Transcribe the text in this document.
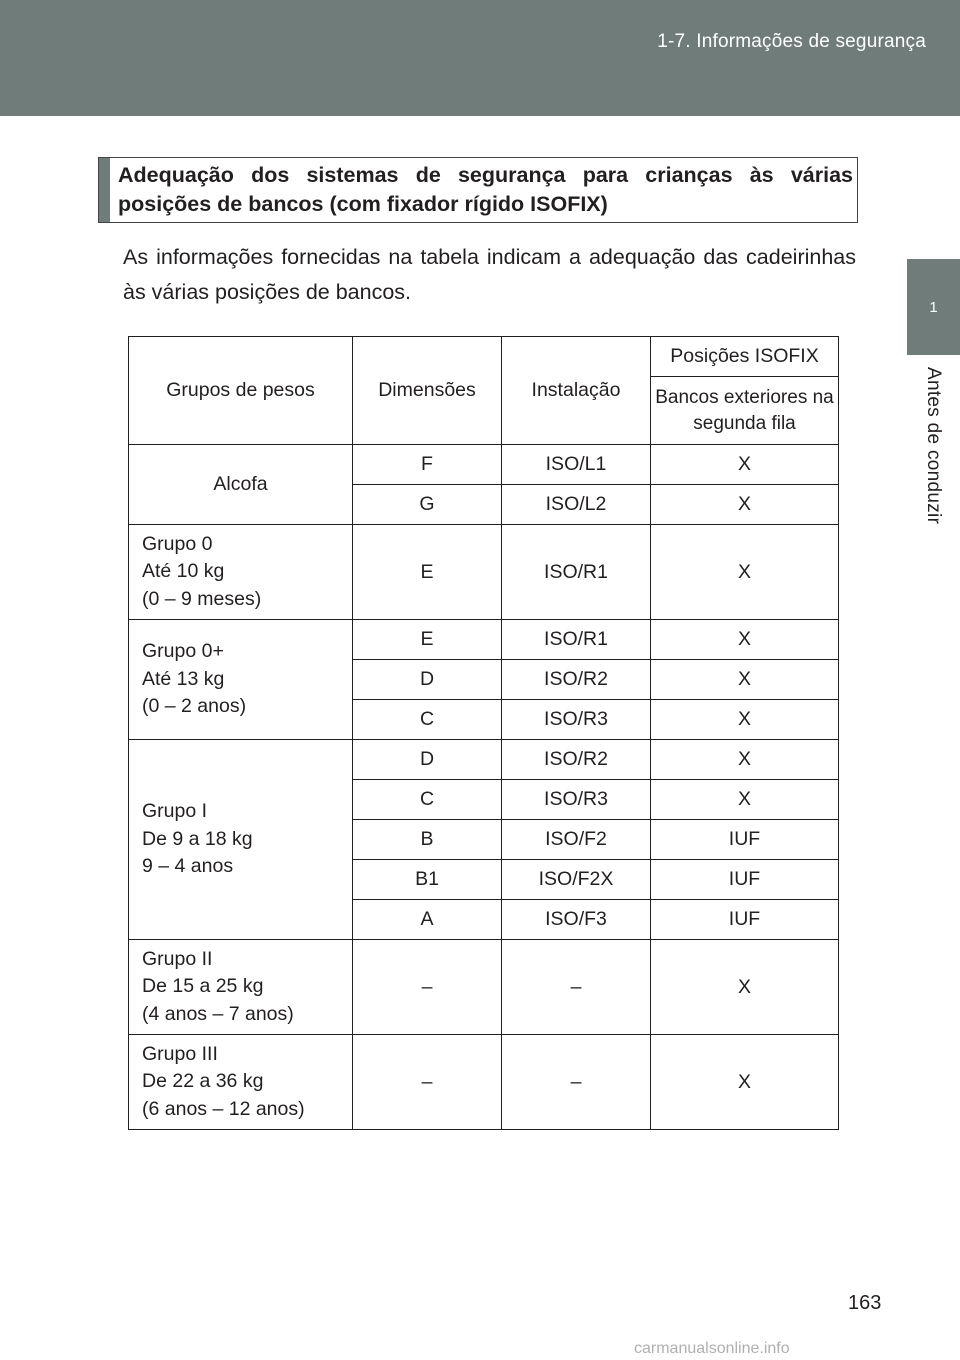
1-7. Informações de segurança
1
Antes de conduzir
Adequação dos sistemas de segurança para crianças às várias posições de bancos (com fixador rígido ISOFIX)
As informações fornecidas na tabela indicam a adequação das cadeirinhas às várias posições de bancos.
Grupos de pesos	Dimensões	Instalação	Posições ISOFIX
			Bancos exteriores na segunda fila

Alcofa	F	ISO/L1	X
	G	ISO/L2	X

Grupo 0
Até 10 kg
(0 – 9 meses)	E	ISO/R1	X

Grupo 0+
Até 13 kg
(0 – 2 anos)	E	ISO/R1	X
	D	ISO/R2	X
	C	ISO/R3	X

Grupo I
De 9 a 18 kg
9 – 4 anos	D	ISO/R2	X
	C	ISO/R3	X
	B	ISO/F2	IUF
	B1	ISO/F2X	IUF
	A	ISO/F3	IUF

Grupo II
De 15 a 25 kg
(4 anos – 7 anos)	–	–	X

Grupo III
De 22 a 36 kg
(6 anos – 12 anos)	–	–	X
163
carmanualsonline.info
